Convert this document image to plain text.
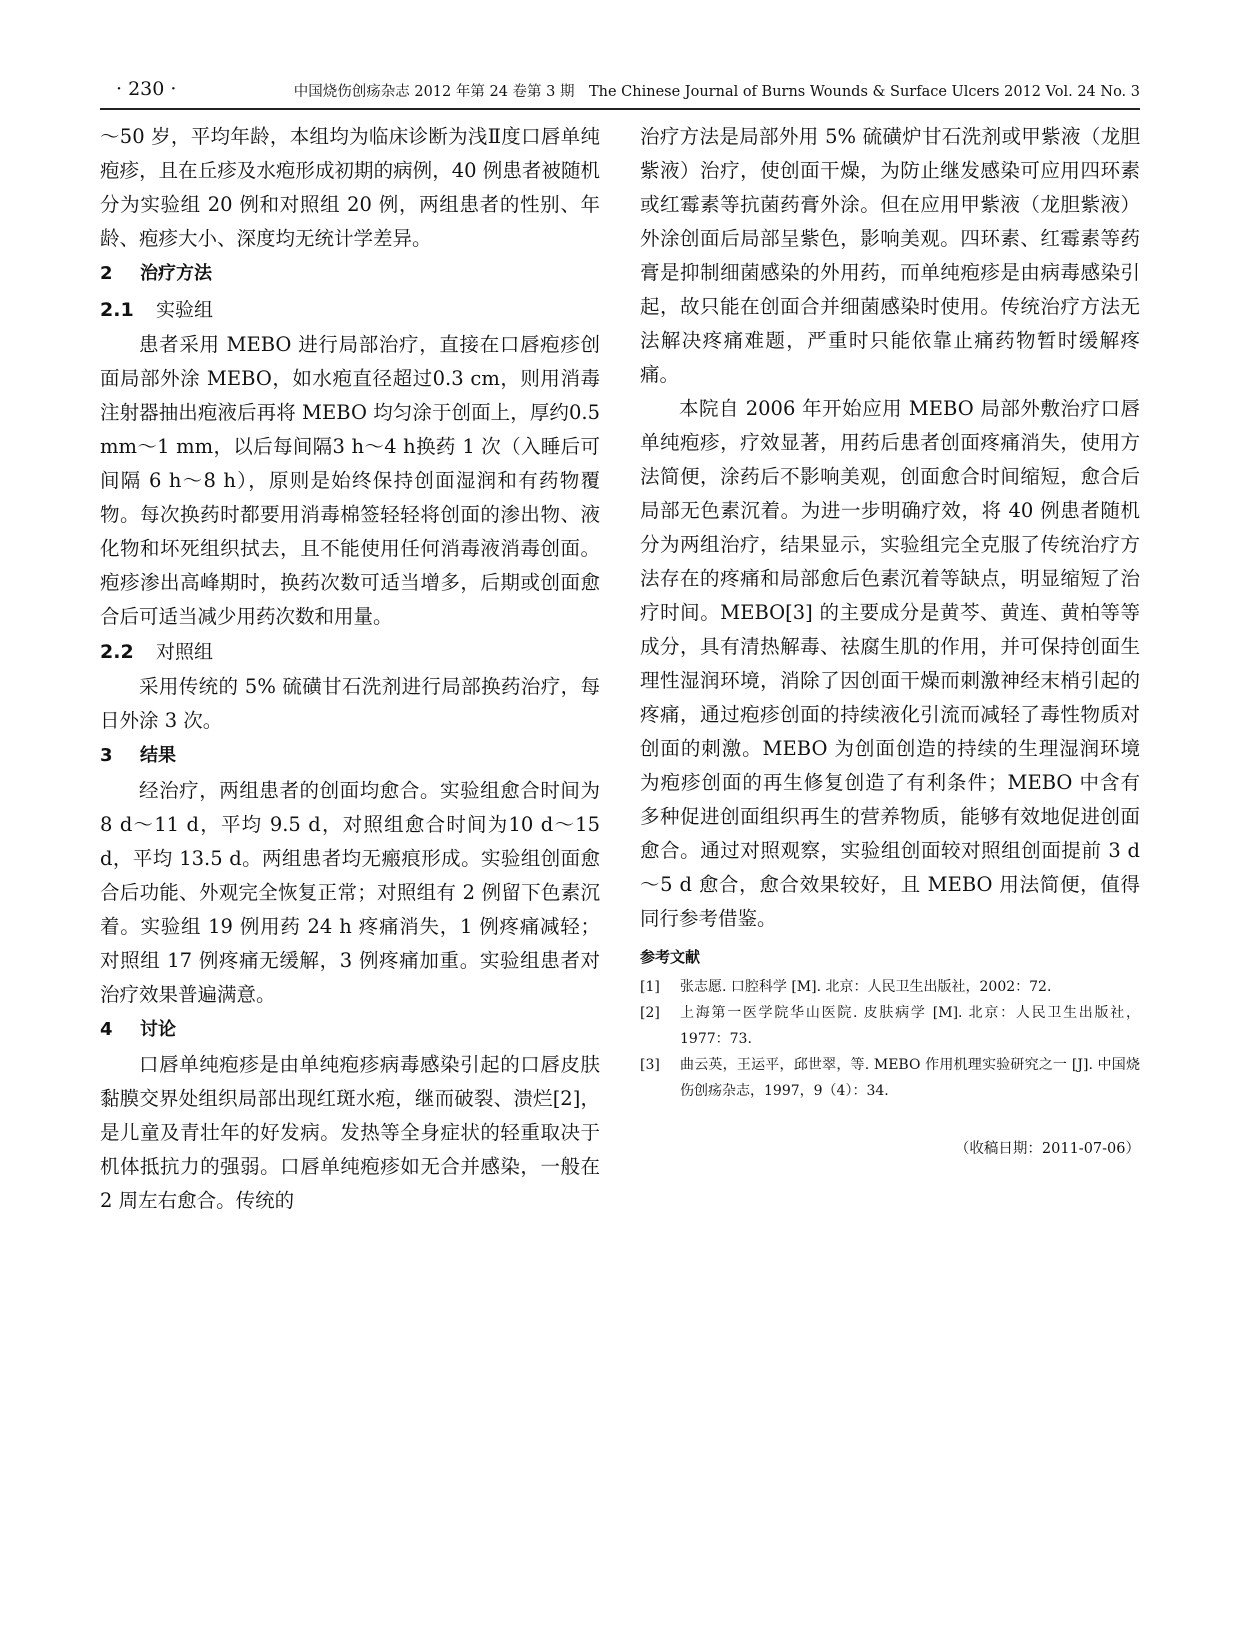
· 230 ·	中国烧伤创疡杂志 2012 年第 24 卷第 3 期　The Chinese Journal of Burns Wounds & Surface Ulcers 2012 Vol. 24 No. 3

～50 岁，平均年龄，本组均为临床诊断为浅Ⅱ度口唇单纯疱疹，且在丘疹及水疱形成初期的病例，40 例患者被随机分为实验组 20 例和对照组 20 例，两组患者的性别、年龄、疱疹大小、深度均无统计学差异。

2 治疗方法

2.1 实验组

患者采用 MEBO 进行局部治疗，直接在口唇疱疹创面局部外涂 MEBO，如水疱直径超过0.3 cm，则用消毒注射器抽出疱液后再将 MEBO 均匀涂于创面上，厚约0.5 mm～1 mm，以后每间隔3 h～4 h换药 1 次（入睡后可间隔 6 h～8 h），原则是始终保持创面湿润和有药物覆物。每次换药时都要用消毒棉签轻轻将创面的渗出物、液化物和坏死组织拭去，且不能使用任何消毒液消毒创面。疱疹渗出高峰期时，换药次数可适当增多，后期或创面愈合后可适当减少用药次数和用量。

2.2 对照组

采用传统的 5% 硫磺甘石洗剂进行局部换药治疗，每日外涂 3 次。

3 结果

经治疗，两组患者的创面均愈合。实验组愈合时间为 8 d～11 d，平均 9.5 d，对照组愈合时间为10 d～15 d，平均 13.5 d。两组患者均无瘢痕形成。实验组创面愈合后功能、外观完全恢复正常；对照组有 2 例留下色素沉着。实验组 19 例用药 24 h 疼痛消失，1 例疼痛减轻；对照组 17 例疼痛无缓解，3 例疼痛加重。实验组患者对治疗效果普遍满意。

4 讨论

口唇单纯疱疹是由单纯疱疹病毒感染引起的口唇皮肤黏膜交界处组织局部出现红斑水疱，继而破裂、溃烂[2]，是儿童及青壮年的好发病。发热等全身症状的轻重取决于机体抵抗力的强弱。口唇单纯疱疹如无合并感染，一般在 2 周左右愈合。传统的

治疗方法是局部外用 5% 硫磺炉甘石洗剂或甲紫液（龙胆紫液）治疗，使创面干燥，为防止继发感染可应用四环素或红霉素等抗菌药膏外涂。但在应用甲紫液（龙胆紫液）外涂创面后局部呈紫色，影响美观。四环素、红霉素等药膏是抑制细菌感染的外用药，而单纯疱疹是由病毒感染引起，故只能在创面合并细菌感染时使用。传统治疗方法无法解决疼痛难题，严重时只能依靠止痛药物暂时缓解疼痛。

本院自 2006 年开始应用 MEBO 局部外敷治疗口唇单纯疱疹，疗效显著，用药后患者创面疼痛消失，使用方法简便，涂药后不影响美观，创面愈合时间缩短，愈合后局部无色素沉着。为进一步明确疗效，将 40 例患者随机分为两组治疗，结果显示，实验组完全克服了传统治疗方法存在的疼痛和局部愈后色素沉着等缺点，明显缩短了治疗时间。MEBO[3] 的主要成分是黄芩、黄连、黄柏等等成分，具有清热解毒、祛腐生肌的作用，并可保持创面生理性湿润环境，消除了因创面干燥而刺激神经末梢引起的疼痛，通过疱疹创面的持续液化引流而减轻了毒性物质对创面的刺激。MEBO 为创面创造的持续的生理湿润环境为疱疹创面的再生修复创造了有利条件；MEBO 中含有多种促进创面组织再生的营养物质，能够有效地促进创面愈合。通过对照观察，实验组创面较对照组创面提前 3 d～5 d 愈合，愈合效果较好，且 MEBO 用法简便，值得同行参考借鉴。

参考文献

[1]	张志愿. 口腔科学 [M]. 北京：人民卫生出版社，2002：72.

[2]	上海第一医学院华山医院. 皮肤病学 [M]. 北京：人民卫生出版社，1977：73.

[3]	曲云英，王运平，邱世翠，等. MEBO 作用机理实验研究之一 [J]. 中国烧伤创疡杂志，1997，9（4）：34.

（收稿日期：2011-07-06）
